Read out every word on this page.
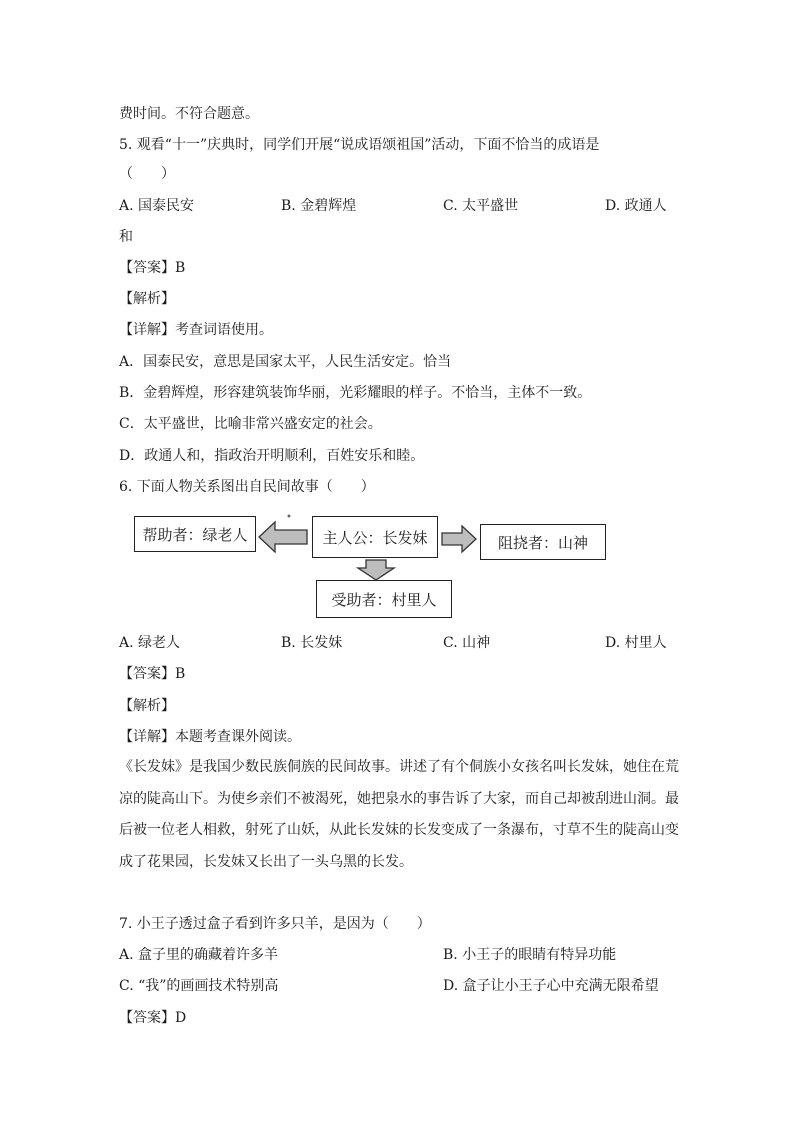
费时间。不符合题意。
5. 观看“十一”庆典时，同学们开展“说成语颂祖国”活动，下面不恰当的成语是
（　　）
A. 国泰民安	B. 金碧辉煌	C. 太平盛世	D. 政通人
和
【答案】B
【解析】
【详解】考查词语使用。
A．国泰民安，意思是国家太平，人民生活安定。恰当
B．金碧辉煌，形容建筑装饰华丽，光彩耀眼的样子。不恰当，主体不一致。
C．太平盛世，比喻非常兴盛安定的社会。
D．政通人和，指政治开明顺利，百姓安乐和睦。
6. 下面人物关系图出自民间故事（　　）
•
帮助者：绿老人	主人公：长发妹	阻挠者：山神
受助者：村里人
A. 绿老人	B. 长发妹	C. 山神	D. 村里人
【答案】B
【解析】
【详解】本题考查课外阅读。
《长发妹》是我国少数民族侗族的民间故事。讲述了有个侗族小女孩名叫长发妹，她住在荒凉的陡高山下。为使乡亲们不被渴死，她把泉水的事告诉了大家，而自己却被刮进山洞。最后被一位老人相救，射死了山妖，从此长发妹的长发变成了一条瀑布，寸草不生的陡高山变成了花果园，长发妹又长出了一头乌黑的长发。
7. 小王子透过盒子看到许多只羊，是因为（　　）
A. 盒子里的确藏着许多羊	B. 小王子的眼睛有特异功能
C. “我”的画画技术特别高	D. 盒子让小王子心中充满无限希望
【答案】D
